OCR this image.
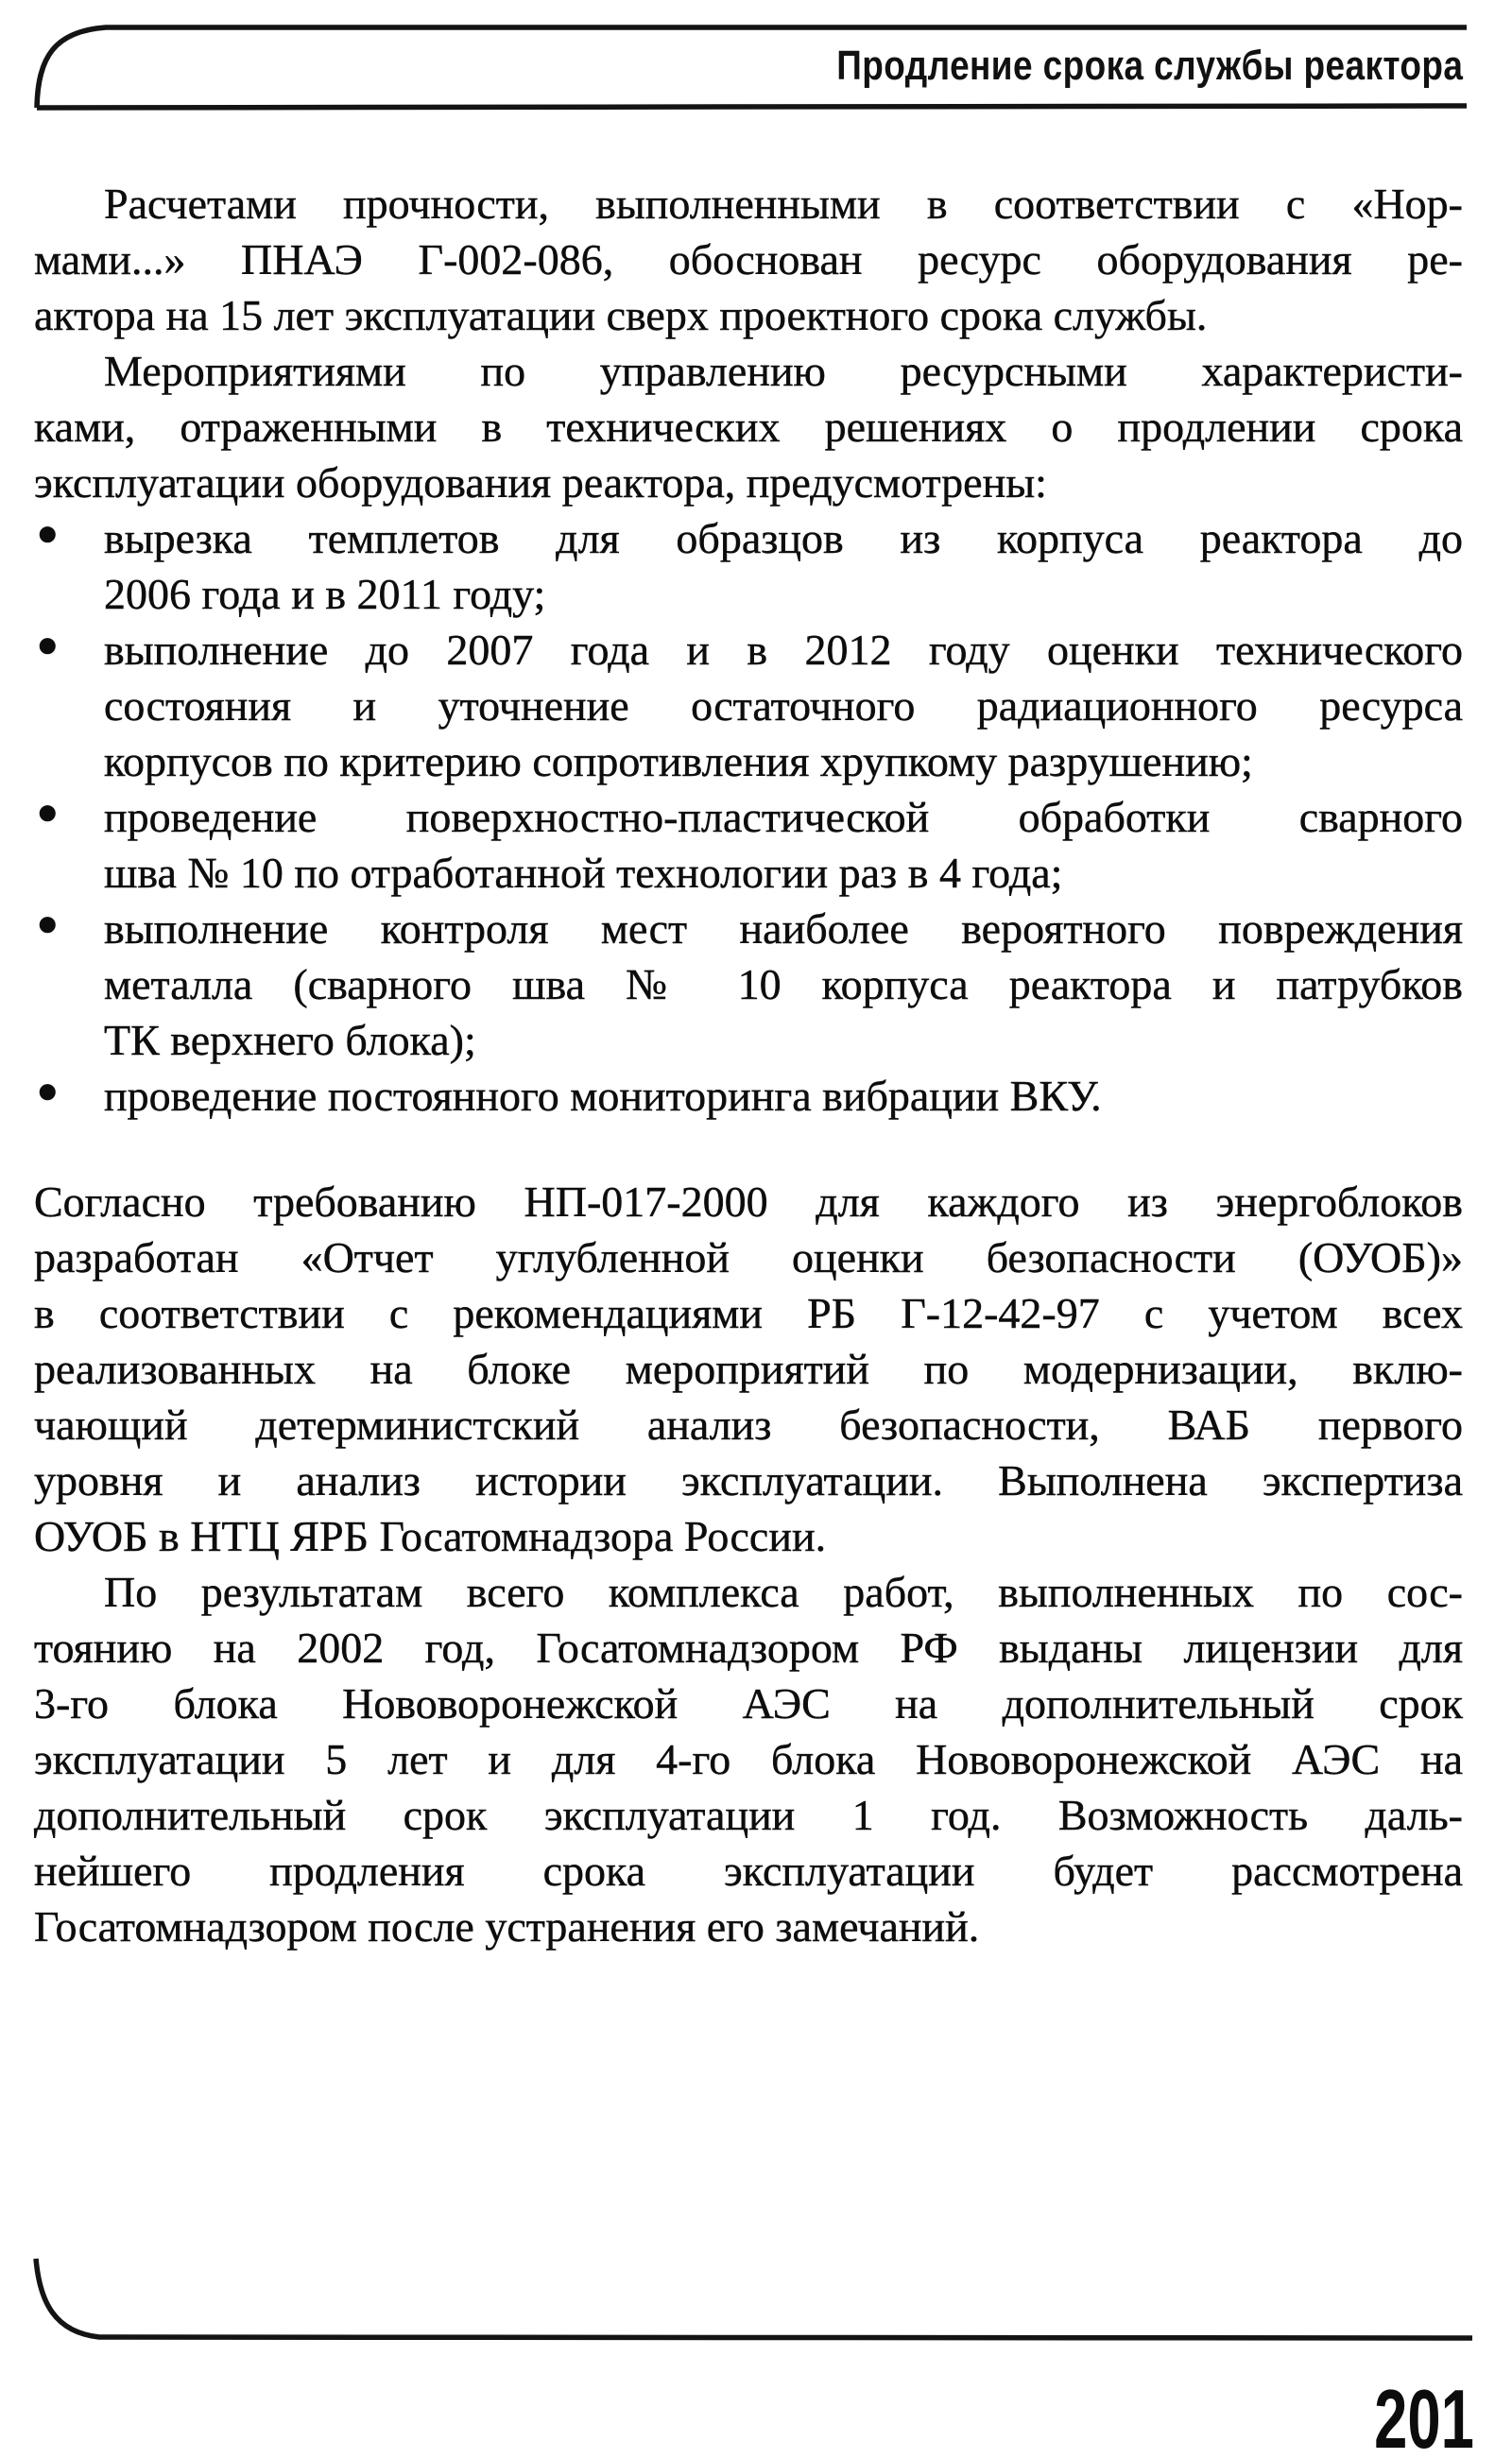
Продление срока службы реактора
Расчетами прочности, выполненными в соответствии с «Нор-
мами...» ПНАЭ Г-002-086, обоснован ресурс оборудования ре-
актора на 15 лет эксплуатации сверх проектного срока службы.
Мероприятиями по управлению ресурсными характеристи-
ками, отраженными в технических решениях о продлении срока
эксплуатации оборудования реактора, предусмотрены:
• вырезка темплетов для образцов из корпуса реактора до
2006 года и в 2011 году;
• выполнение до 2007 года и в 2012 году оценки технического
состояния и уточнение остаточного радиационного ресурса
корпусов по критерию сопротивления хрупкому разрушению;
• проведение поверхностно-пластической обработки сварного
шва № 10 по отработанной технологии раз в 4 года;
• выполнение контроля мест наиболее вероятного повреждения
металла (сварного шва № 10 корпуса реактора и патрубков
ТК верхнего блока);
• проведение постоянного мониторинга вибрации ВКУ.
Согласно требованию НП-017-2000 для каждого из энергоблоков
разработан «Отчет углубленной оценки безопасности (ОУОБ)»
в соответствии с рекомендациями РБ Г-12-42-97 с учетом всех
реализованных на блоке мероприятий по модернизации, вклю-
чающий детерминистский анализ безопасности, ВАБ первого
уровня и анализ истории эксплуатации. Выполнена экспертиза
ОУОБ в НТЦ ЯРБ Госатомнадзора России.
По результатам всего комплекса работ, выполненных по сос-
тоянию на 2002 год, Госатомнадзором РФ выданы лицензии для
3-го блока Нововоронежской АЭС на дополнительный срок
эксплуатации 5 лет и для 4-го блока Нововоронежской АЭС на
дополнительный срок эксплуатации 1 год. Возможность даль-
нейшего продления срока эксплуатации будет рассмотрена
Госатомнадзором после устранения его замечаний.
201
